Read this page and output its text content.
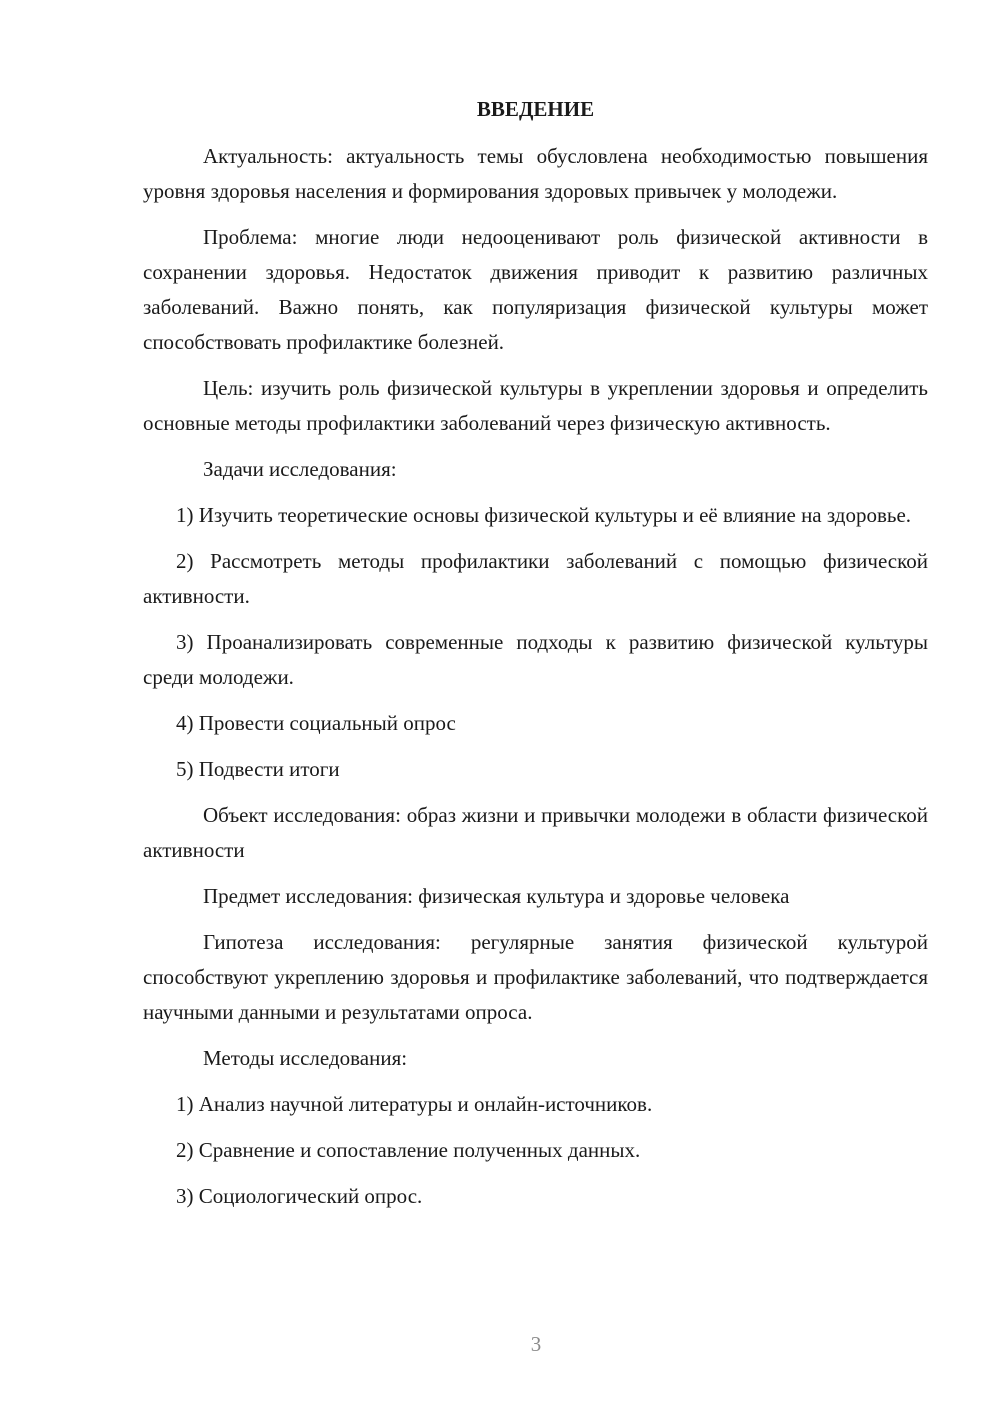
ВВЕДЕНИЕ
Актуальность: актуальность темы обусловлена необходимостью повышения уровня здоровья населения и формирования здоровых привычек у молодежи.
Проблема: многие люди недооценивают роль физической активности в сохранении здоровья. Недостаток движения приводит к развитию различных заболеваний. Важно понять, как популяризация физической культуры может способствовать профилактике болезней.
Цель: изучить роль физической культуры в укреплении здоровья и определить основные методы профилактики заболеваний через физическую активность.
Задачи исследования:
1) Изучить теоретические основы физической культуры и её влияние на здоровье.
2) Рассмотреть методы профилактики заболеваний с помощью физической активности.
3) Проанализировать современные подходы к развитию физической культуры среди молодежи.
4) Провести социальный опрос
5) Подвести итоги
Объект исследования: образ жизни и привычки молодежи в области физической активности
Предмет исследования: физическая культура и здоровье человека
Гипотеза исследования: регулярные занятия физической культурой способствуют укреплению здоровья и профилактике заболеваний, что подтверждается научными данными и результатами опроса.
Методы исследования:
1) Анализ научной литературы и онлайн-источников.
2) Сравнение и сопоставление полученных данных.
3) Социологический опрос.
3
